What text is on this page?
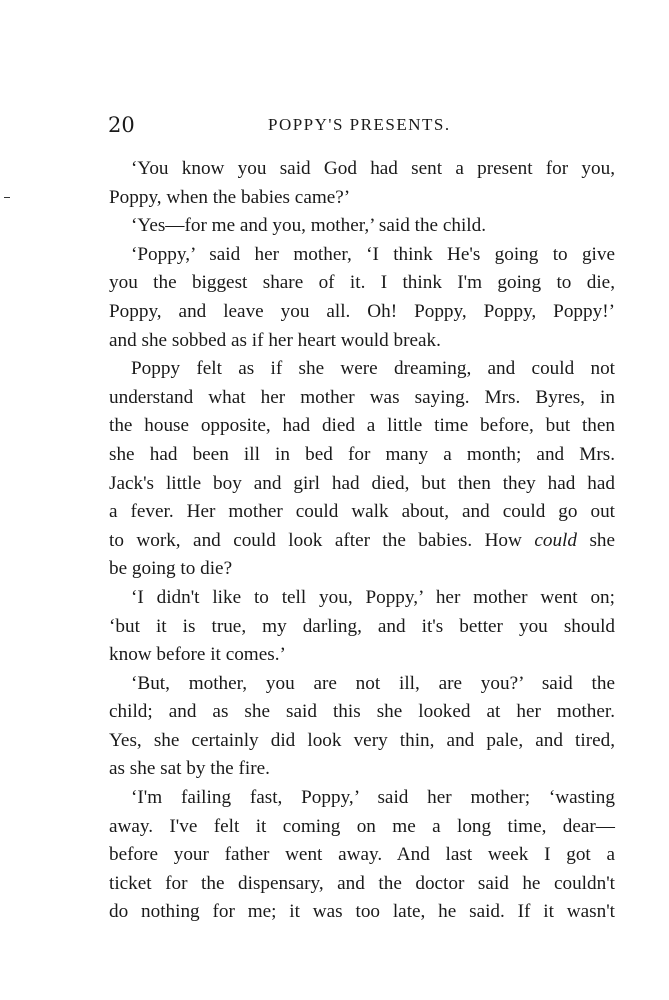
20	POPPY'S PRESENTS.
‘You know you said God had sent a present for you,
Poppy, when the babies came?’
‘Yes—for me and you, mother,’ said the child.
‘Poppy,’ said her mother, ‘I think He's going to give
you the biggest share of it. I think I'm going to die,
Poppy, and leave you all. Oh! Poppy, Poppy, Poppy!’
and she sobbed as if her heart would break.
Poppy felt as if she were dreaming, and could not
understand what her mother was saying. Mrs. Byres, in
the house opposite, had died a little time before, but then
she had been ill in bed for many a month; and Mrs.
Jack's little boy and girl had died, but then they had had
a fever. Her mother could walk about, and could go out
to work, and could look after the babies. How could she
be going to die?
‘I didn't like to tell you, Poppy,’ her mother went on;
‘but it is true, my darling, and it's better you should
know before it comes.’
‘But, mother, you are not ill, are you?’ said the
child; and as she said this she looked at her mother.
Yes, she certainly did look very thin, and pale, and tired,
as she sat by the fire.
‘I'm failing fast, Poppy,’ said her mother; ‘wasting
away. I've felt it coming on me a long time, dear—
before your father went away. And last week I got a
ticket for the dispensary, and the doctor said he couldn't
do nothing for me; it was too late, he said. If it wasn't
